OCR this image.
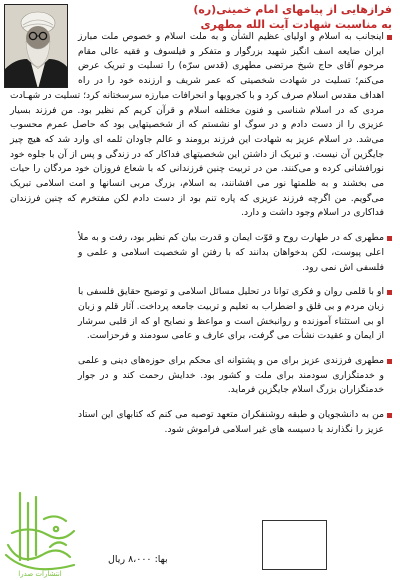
فرازهایی از پیامهای امام خمینی(ره)
به مناسبت شهادت آیت الله مطهری
اینجانب به اسلام و اولیای عظیم الشأن و به ملت اسلام و خصوص ملت مبارز ایران ضایعه اسف انگیز شهید بزرگوار و متفکر و فیلسوف و فقیه عالی مقام مرحوم آقای حاج شیخ مرتضی مطهری (قدس سرّه) را تسلیت و تبریک عرض می‌کنم؛ تسلیت در شهادت شخصیتی که عمر شریف و ارزنده خود را در راه اهداف مقدس اسلام صرف کرد و با کجرویها و انحرافات مبارزه سرسختانه کرد؛ تسلیت در شهـادت مردی که در اسلام شناسی و فنون مختلفه اسلام و قرآن کریم کم نظیر بود. من فرزند بسیار عزیزی را از دست دادم و در سوگ او نشستم که از شخصیتهایی بود که حاصل عمرم محسوب می‌شد. در اسلام عزیز به شهادت این فرزند برومند و عالم جاودان ثلمه ای وارد شد که هیچ چیز جایگزین آن نیست. و تبریک از داشتن این شخصیتهای فداکار که در زندگی و پس از آن با جلوه خود نورافشانی کرده و می‌کنند. من در تربیت چنین فرزندانی که با شعاع فروزان خود مردگان را حیات می بخشند و به ظلمتها نور می افشانند، به اسلام، بزرگ مربی انسانها و امت اسلامی تبریک می‌گویم. من اگرچه فرزند عزیزی که پاره تنم بود از دست دادم لکن مفتخرم که چنین فرزندان فداکاری در اسلام وجود داشت و دارد.
مطهری که در طهارت روح و قوّت ایمان و قدرت بیان کم نظیر بود، رفت و به ملأ اعلی پیوست، لکن بدخواهان بدانند که با رفتن او شخصیت اسلامی و علمی و فلسفی اش نمی رود.
او با قلمی روان و فکری توانا در تحلیل مسائل اسلامی و توضیح حقایق فلسفی با زبان مردم و بی قلق و اضطراب به تعلیم و تربیت جامعه پرداخت. آثار قلم و زبان او بی استثناء آموزنده و روانبخش است و مواعظ و نصایح او که از قلبی سرشار از ایمان و عقیدت نشأت می گرفت، برای عارف و عامی سودمند و فرحزاست.
مطهری فرزندی عزیز برای من و پشتوانه ای محکم برای حوزه‌های دینی و علمی و خدمتگزاری سودمند برای ملت و کشور بود. خدایش رحمت کند و در جوار خدمتگزاران بزرگ اسلام جایگزین فرماید.
من به دانشجویان و طبقه روشنفکران متعهد توصیه می کنم که کتابهای این استاد عزیز را نگذارند با دسیسه های غیر اسلامی فراموش شود.
انتشارات صدرا
بها: ۸،۰۰۰ ریال
